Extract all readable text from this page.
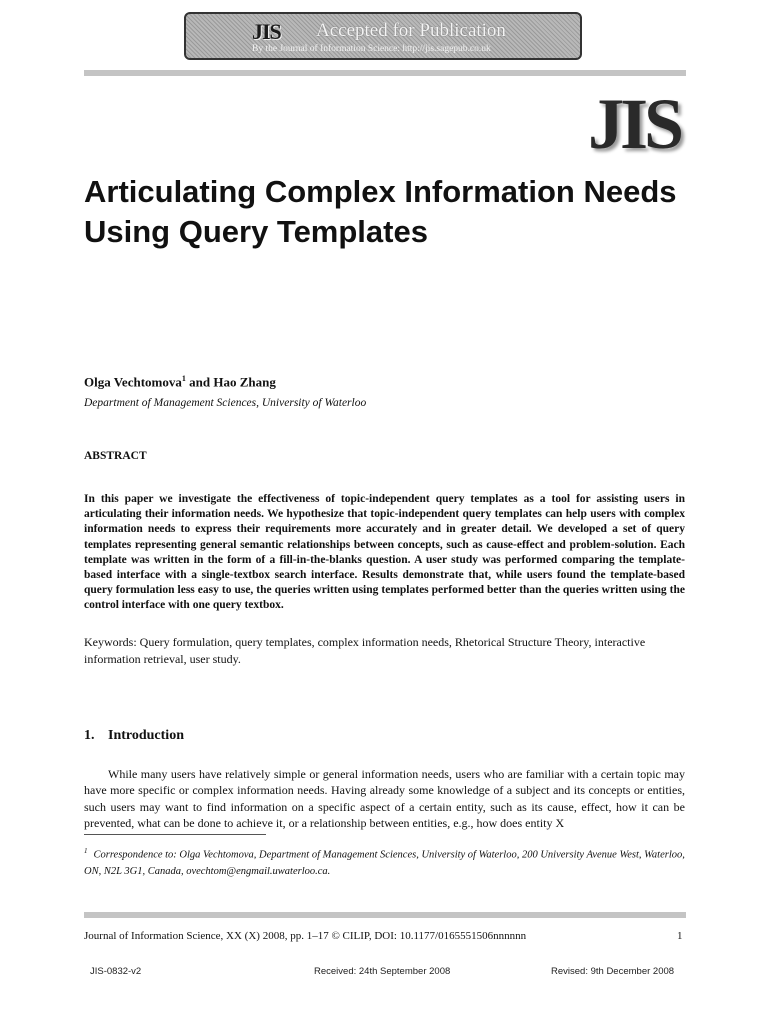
JIS Accepted for Publication
By the Journal of Information Science: http://jis.sagepub.co.uk
JIS
Articulating Complex Information Needs Using Query Templates
Olga Vechtomova$^1$ and Hao Zhang
Department of Management Sciences, University of Waterloo
ABSTRACT

In this paper we investigate the effectiveness of topic-independent query templates as a tool for assisting users in articulating their information needs. We hypothesize that topic-independent query templates can help users with complex information needs to express their requirements more accurately and in greater detail. We developed a set of query templates representing general semantic relationships between concepts, such as cause-effect and problem-solution. Each template was written in the form of a fill-in-the-blanks question. A user study was performed comparing the template-based interface with a single-textbox search interface. Results demonstrate that, while users found the template-based query formulation less easy to use, the queries written using templates performed better than the queries written using the control interface with one query textbox.

Keywords: Query formulation, query templates, complex information needs, Rhetorical Structure Theory, interactive information retrieval, user study.

1. Introduction

While many users have relatively simple or general information needs, users who are familiar with a certain topic may have more specific or complex information needs. Having already some knowledge of a subject and its concepts or entities, such users may want to find information on a specific aspect of a certain entity, such as its cause, effect, how it can be prevented, what can be done to achieve it, or a relationship between entities, e.g., how does entity X

$^1$ Correspondence to: Olga Vechtomova, Department of Management Sciences, University of Waterloo, 200 University Avenue West, Waterloo, ON, N2L 3G1, Canada, ovechtom@engmail.uwaterloo.ca.

Journal of Information Science, XX (X) 2008, pp. 1–17 © CILIP, DOI: 10.1177/0165551506nnnnnn	1
JIS-0832-v2	Received: 24th September 2008	Revised: 9th December 2008
